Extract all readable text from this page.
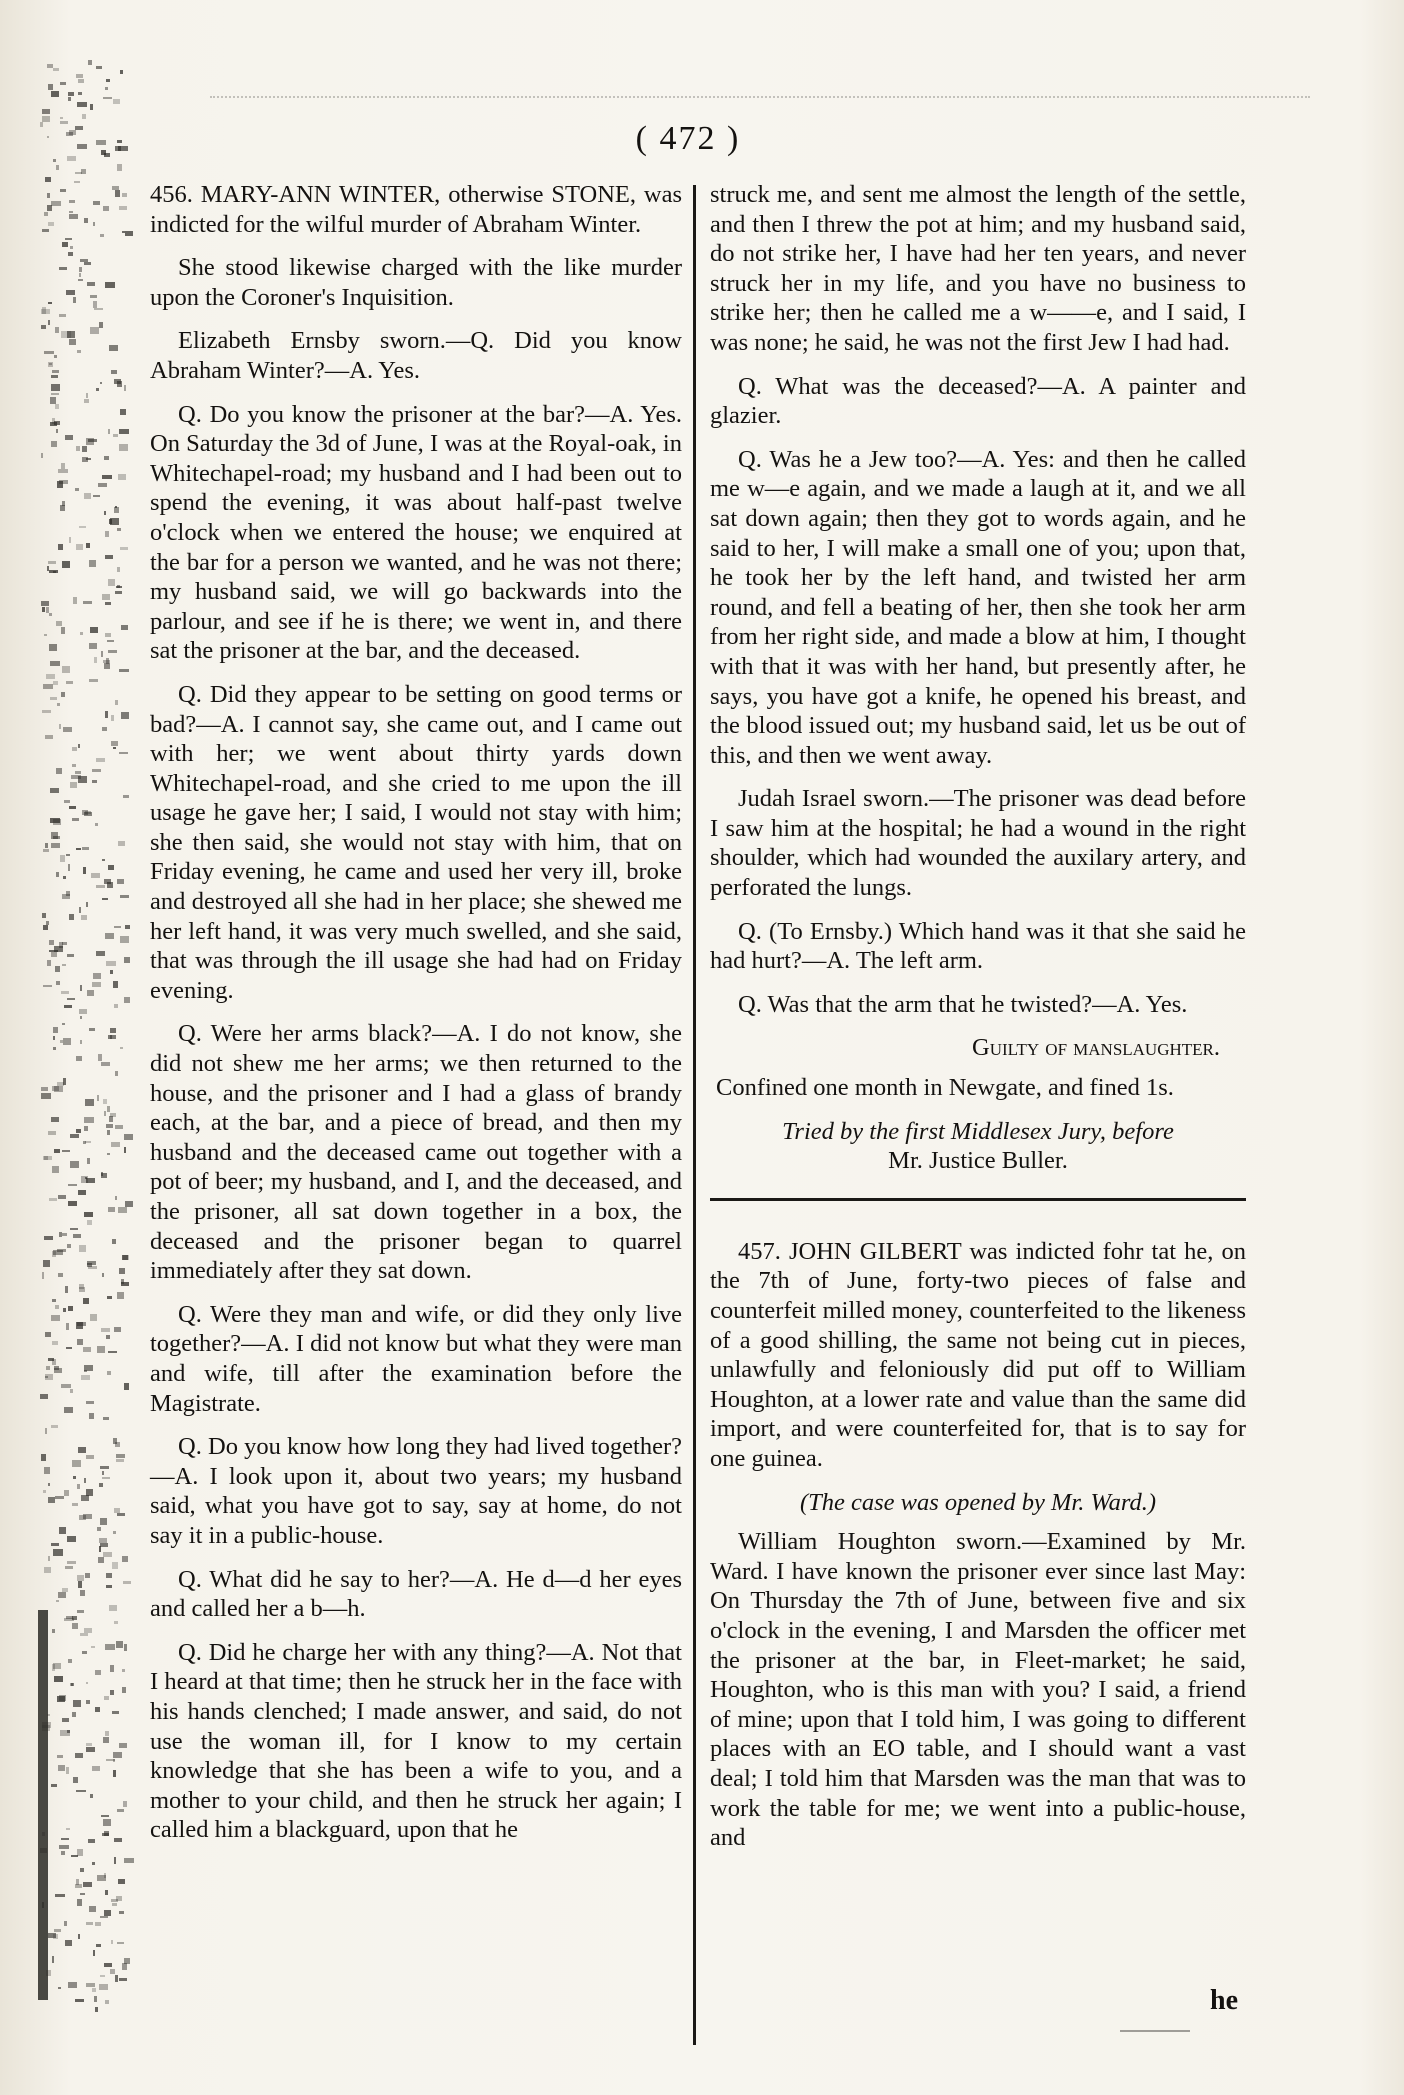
( 472 )

456. MARY-ANN WINTER, otherwise STONE, was indicted for the wilful murder of Abraham Winter.

She stood likewise charged with the like murder upon the Coroner's Inquisition.

Elizabeth Ernsby sworn.—Q. Did you know Abraham Winter?—A. Yes.

Q. Do you know the prisoner at the bar?—A. Yes. On Saturday the 3d of June, I was at the Royal-oak, in Whitechapel-road; my husband and I had been out to spend the evening, it was about half-past twelve o'clock when we entered the house; we enquired at the bar for a person we wanted, and he was not there; my husband said, we will go backwards into the parlour, and see if he is there; we went in, and there sat the prisoner at the bar, and the deceased.

Q. Did they appear to be setting on good terms or bad?—A. I cannot say, she came out, and I came out with her; we went about thirty yards down Whitechapel-road, and she cried to me upon the ill usage he gave her; I said, I would not stay with him; she then said, she would not stay with him, that on Friday evening, he came and used her very ill, broke and destroyed all she had in her place; she shewed me her left hand, it was very much swelled, and she said, that was through the ill usage she had had on Friday evening.

Q. Were her arms black?—A. I do not know, she did not shew me her arms; we then returned to the house, and the prisoner and I had a glass of brandy each, at the bar, and a piece of bread, and then my husband and the deceased came out together with a pot of beer; my husband, and I, and the deceased, and the prisoner, all sat down together in a box, the deceased and the prisoner began to quarrel immediately after they sat down.

Q. Were they man and wife, or did they only live together?—A. I did not know but what they were man and wife, till after the examination before the Magistrate.

Q. Do you know how long they had lived together?—A. I look upon it, about two years; my husband said, what you have got to say, say at home, do not say it in a public-house.

Q. What did he say to her?—A. He d—d her eyes and called her a b—h.

Q. Did he charge her with any thing?—A. Not that I heard at that time; then he struck her in the face with his hands clenched; I made answer, and said, do not use the woman ill, for I know to my certain knowledge that she has been a wife to you, and a mother to your child, and then he struck her again; I called him a blackguard, upon that he

struck me, and sent me almost the length of the settle, and then I threw the pot at him; and my husband said, do not strike her, I have had her ten years, and never struck her in my life, and you have no business to strike her; then he called me a w——e, and I said, I was none; he said, he was not the first Jew I had had.

Q. What was the deceased?—A. A painter and glazier.

Q. Was he a Jew too?—A. Yes: and then he called me w—e again, and we made a laugh at it, and we all sat down again; then they got to words again, and he said to her, I will make a small one of you; upon that, he took her by the left hand, and twisted her arm round, and fell a beating of her, then she took her arm from her right side, and made a blow at him, I thought with that it was with her hand, but presently after, he says, you have got a knife, he opened his breast, and the blood issued out; my husband said, let us be out of this, and then we went away.

Judah Israel sworn.—The prisoner was dead before I saw him at the hospital; he had a wound in the right shoulder, which had wounded the auxilary artery, and perforated the lungs.

Q. (To Ernsby.) Which hand was it that she said he had hurt?—A. The left arm.

Q. Was that the arm that he twisted?—A. Yes.

Guilty of manslaughter.

Confined one month in Newgate, and fined 1s.

Tried by the first Middlesex Jury, before

Mr. Justice Buller.

457. JOHN GILBERT was indicted fohr tat he, on the 7th of June, forty-two pieces of false and counterfeit milled money, counterfeited to the likeness of a good shilling, the same not being cut in pieces, unlawfully and feloniously did put off to William Houghton, at a lower rate and value than the same did import, and were counterfeited for, that is to say for one guinea.

(The case was opened by Mr. Ward.)

William Houghton sworn.—Examined by Mr. Ward. I have known the prisoner ever since last May: On Thursday the 7th of June, between five and six o'clock in the evening, I and Marsden the officer met the prisoner at the bar, in Fleet-market; he said, Houghton, who is this man with you? I said, a friend of mine; upon that I told him, I was going to different places with an EO table, and I should want a vast deal; I told him that Marsden was the man that was to work the table for me; we went into a public-house, and

he
